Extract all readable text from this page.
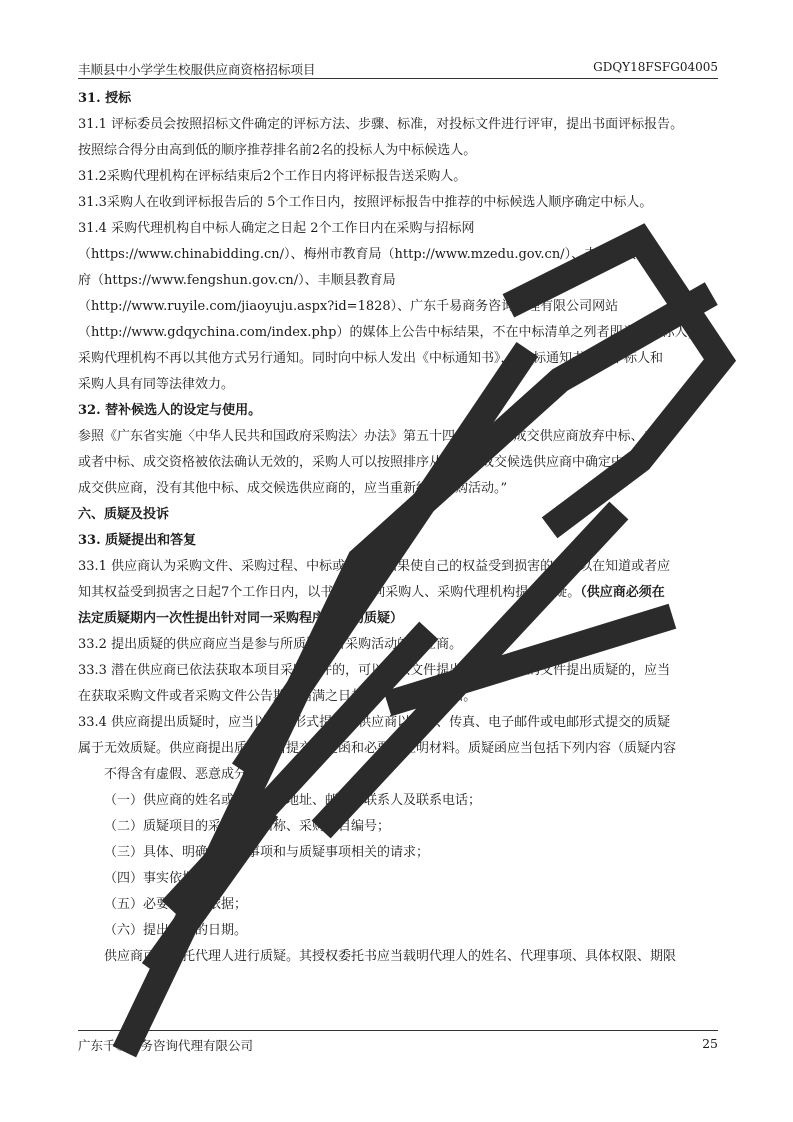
丰顺县中小学学生校服供应商资格招标项目	GDQY18FSFG04005
31. 授标
31.1 评标委员会按照招标文件确定的评标方法、步骤、标准，对投标文件进行评审，提出书面评标报告。
按照综合得分由高到低的顺序推荐排名前2名的投标人为中标候选人。
31.2采购代理机构在评标结束后2个工作日内将评标报告送采购人。
31.3采购人在收到评标报告后的 5个工作日内，按照评标报告中推荐的中标候选人顺序确定中标人。
31.4 采购代理机构自中标人确定之日起 2个工作日内在采购与招标网
（https://www.chinabidding.cn/）、梅州市教育局（http://www.mzedu.gov.cn/）、丰顺县人民政
府（https://www.fengshun.gov.cn/）、丰顺县教育局
（http://www.ruyile.com/jiaoyuju.aspx?id=1828）、广东千易商务咨询代理有限公司网站
（http://www.gdqychina.com/index.php）的媒体上公告中标结果，不在中标清单之列者即为未中标人，
采购代理机构不再以其他方式另行通知。同时向中标人发出《中标通知书》，《中标通知书》对中标人和
采购人具有同等法律效力。
32. 替补候选人的设定与使用。
参照《广东省实施〈中华人民共和国政府采购法〉办法》第五十四条“中标、成交供应商放弃中标、成交
或者中标、成交资格被依法确认无效的，采购人可以按照排序从中标、成交候选供应商中确定中标、
成交供应商，没有其他中标、成交候选供应商的，应当重新组织采购活动。”
六、质疑及投诉
33. 质疑提出和答复
33.1 供应商认为采购文件、采购过程、中标或者成交结果使自己的权益受到损害的，可以在知道或者应
知其权益受到损害之日起7个工作日内，以书面形式向采购人、采购代理机构提出质疑。（供应商必须在
法定质疑期内一次性提出针对同一采购程序环节的质疑）
33.2 提出质疑的供应商应当是参与所质疑项目采购活动的供应商。
33.3 潜在供应商已依法获取本项目采购文件的，可以对该文件提出质疑。对采购文件提出质疑的，应当
在获取采购文件或者采购文件公告期限届满之日起7个工作日内提出。
33.4 供应商提出质疑时，应当以书面形式提出。供应商以电话、传真、电子邮件或电邮形式提交的质疑
属于无效质疑。供应商提出质疑应当提交质疑函和必要的证明材料。质疑函应当包括下列内容（质疑内容
不得含有虚假、恶意成分）：
（一）供应商的姓名或者名称、地址、邮编、联系人及联系电话；
（二）质疑项目的采购项目名称、采购项目编号；
（三）具体、明确的质疑事项和与质疑事项相关的请求；
（四）事实依据；
（五）必要的法律依据；
（六）提出质疑的日期。
供应商可以委托代理人进行质疑。其授权委托书应当载明代理人的姓名、代理事项、具体权限、期限
广东千易商务咨询代理有限公司	25
